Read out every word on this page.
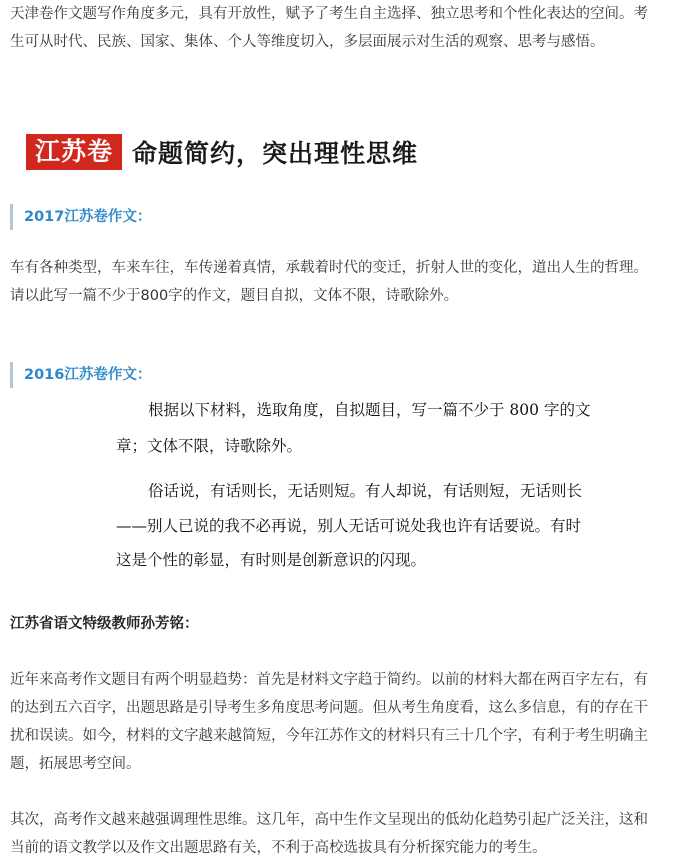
天津卷作文题写作角度多元，具有开放性，赋予了考生自主选择、独立思考和个性化表达的空间。考
生可从时代、民族、国家、集体、个人等维度切入，多层面展示对生活的观察、思考与感悟。
江苏卷 命题简约，突出理性思维
2017江苏卷作文：
车有各种类型，车来车往，车传递着真情，承载着时代的变迁，折射人世的变化，道出人生的哲理。
请以此写一篇不少于800字的作文，题目自拟，文体不限，诗歌除外。
2016江苏卷作文：
根据以下材料，选取角度，自拟题目，写一篇不少于 800 字的文
章；文体不限，诗歌除外。
俗话说，有话则长，无话则短。有人却说，有话则短，无话则长
——别人已说的我不必再说，别人无话可说处我也许有话要说。有时
这是个性的彰显，有时则是创新意识的闪现。
江苏省语文特级教师孙芳铭：
近年来高考作文题目有两个明显趋势：首先是材料文字趋于简约。以前的材料大都在两百字左右，有
的达到五六百字，出题思路是引导考生多角度思考问题。但从考生角度看，这么多信息，有的存在干
扰和误读。如今，材料的文字越来越简短，今年江苏作文的材料只有三十几个字，有利于考生明确主
题，拓展思考空间。
其次，高考作文越来越强调理性思维。这几年，高中生作文呈现出的低幼化趋势引起广泛关注，这和
当前的语文教学以及作文出题思路有关，不利于高校选拔具有分析探究能力的考生。
